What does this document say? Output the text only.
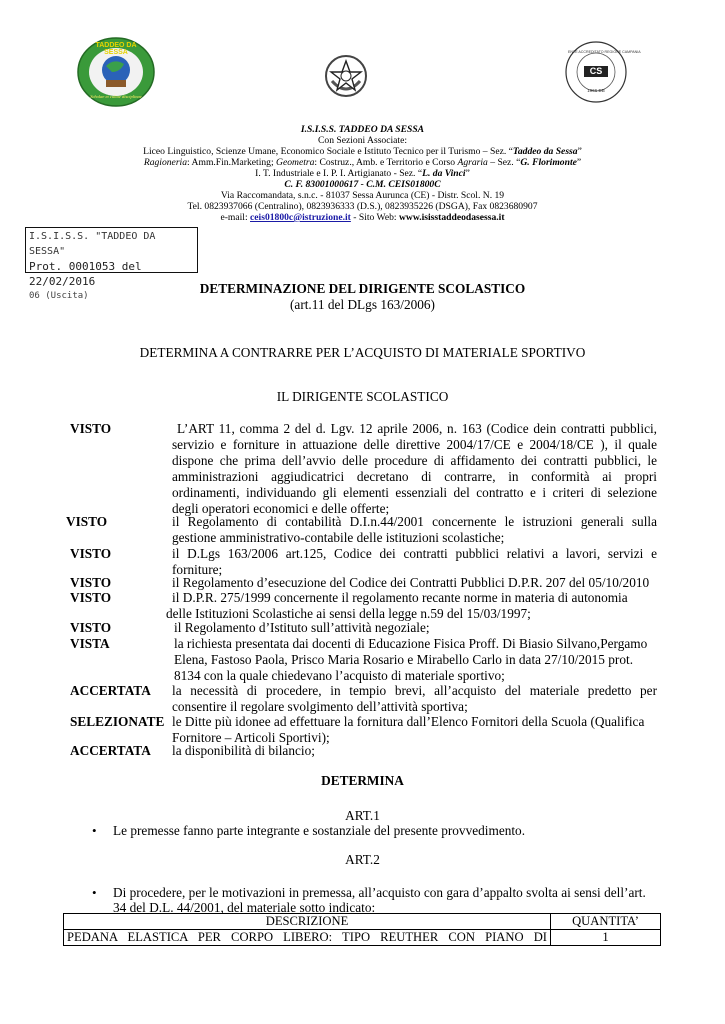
TADDEO DA SESSA
Scholae et cultae disciplinae
CS
1966 DB
ENTE ACCREDITATO REGIONE CAMPANIA
I.S.I.S.S. TADDEO DA SESSA
Con Sezioni Associate:
Liceo Linguistico, Scienze Umane, Economico Sociale e Istituto Tecnico per il Turismo – Sez. “Taddeo da Sessa”
Ragioneria: Amm.Fin.Marketing; Geometra: Costruz., Amb. e Territorio e Corso Agraria – Sez. “G. Florimonte”
I. T. Industriale e I. P. I. Artigianato - Sez. “L. da Vinci”
C. F. 83001000617 - C.M. CEIS01800C
Via Raccomandata, s.n.c. - 81037 Sessa Aurunca (CE) - Distr. Scol. N. 19
Tel. 0823937066 (Centralino), 0823936333 (D.S.), 0823935226 (DSGA), Fax 0823680907
e-mail: ceis01800c@istruzione.it - Sito Web: www.isisstaddeodasessa.it
I.S.I.S.S. "TADDEO DA SESSA"
Prot. 0001053 del 22/02/2016
06 (Uscita)	DETERMINAZIONE DEL DIRIGENTE SCOLASTICO
(art.11 del DLgs 163/2006)
DETERMINA A CONTRARRE PER L’ACQUISTO DI MATERIALE SPORTIVO
IL DIRIGENTE SCOLASTICO
VISTO	L’ART 11, comma 2 del d. Lgv. 12 aprile 2006, n. 163 (Codice dein contratti pubblici,
servizio e forniture in attuazione delle direttive 2004/17/CE e 2004/18/CE ), il quale
dispone che prima dell’avvio delle procedure di affidamento dei contratti pubblici, le
amministrazioni aggiudicatrici decretano di contrarre, in conformità ai propri
ordinamenti, individuando gli elementi essenziali del contratto e i criteri di selezione
degli operatori economici e delle offerte;
VISTO	il Regolamento di contabilità D.I.n.44/2001 concernente le istruzioni generali sulla
gestione amministrativo-contabile delle istituzioni scolastiche;
VISTO	il D.Lgs 163/2006 art.125, Codice dei contratti pubblici relativi a lavori, servizi e
forniture;
VISTO	il Regolamento d’esecuzione del Codice dei Contratti Pubblici D.P.R. 207 del 05/10/2010
VISTO	il D.P.R. 275/1999 concernente il regolamento recante norme in materia di autonomia
delle Istituzioni Scolastiche ai sensi della legge n.59 del 15/03/1997;
VISTO	il Regolamento d’Istituto sull’attività negoziale;
VISTA	la richiesta presentata dai docenti di Educazione Fisica Proff. Di Biasio Silvano,Pergamo
Elena, Fastoso Paola, Prisco Maria Rosario e Mirabello Carlo in data 27/10/2015 prot.
8134 con la quale chiedevano l’acquisto di materiale sportivo;
ACCERTATA la necessità di procedere, in tempio brevi, all’acquisto del materiale predetto per
consentire il regolare svolgimento dell’attività sportiva;
SELEZIONATE le Ditte più idonee ad effettuare la fornitura dall’Elenco Fornitori della Scuola (Qualifica
Fornitore – Articoli Sportivi);
ACCERTATA la disponibilità di bilancio;
DETERMINA
ART.1
• Le premesse fanno parte integrante e sostanziale del presente provvedimento.
ART.2
• Di procedere, per le motivazioni in premessa, all’acquisto con gara d’appalto svolta ai sensi dell’art.
34 del D.L. 44/2001, del materiale sotto indicato:
DESCRIZIONE	QUANTITA’
PEDANA ELASTICA PER CORPO LIBERO: TIPO REUTHER CON PIANO DI	1
